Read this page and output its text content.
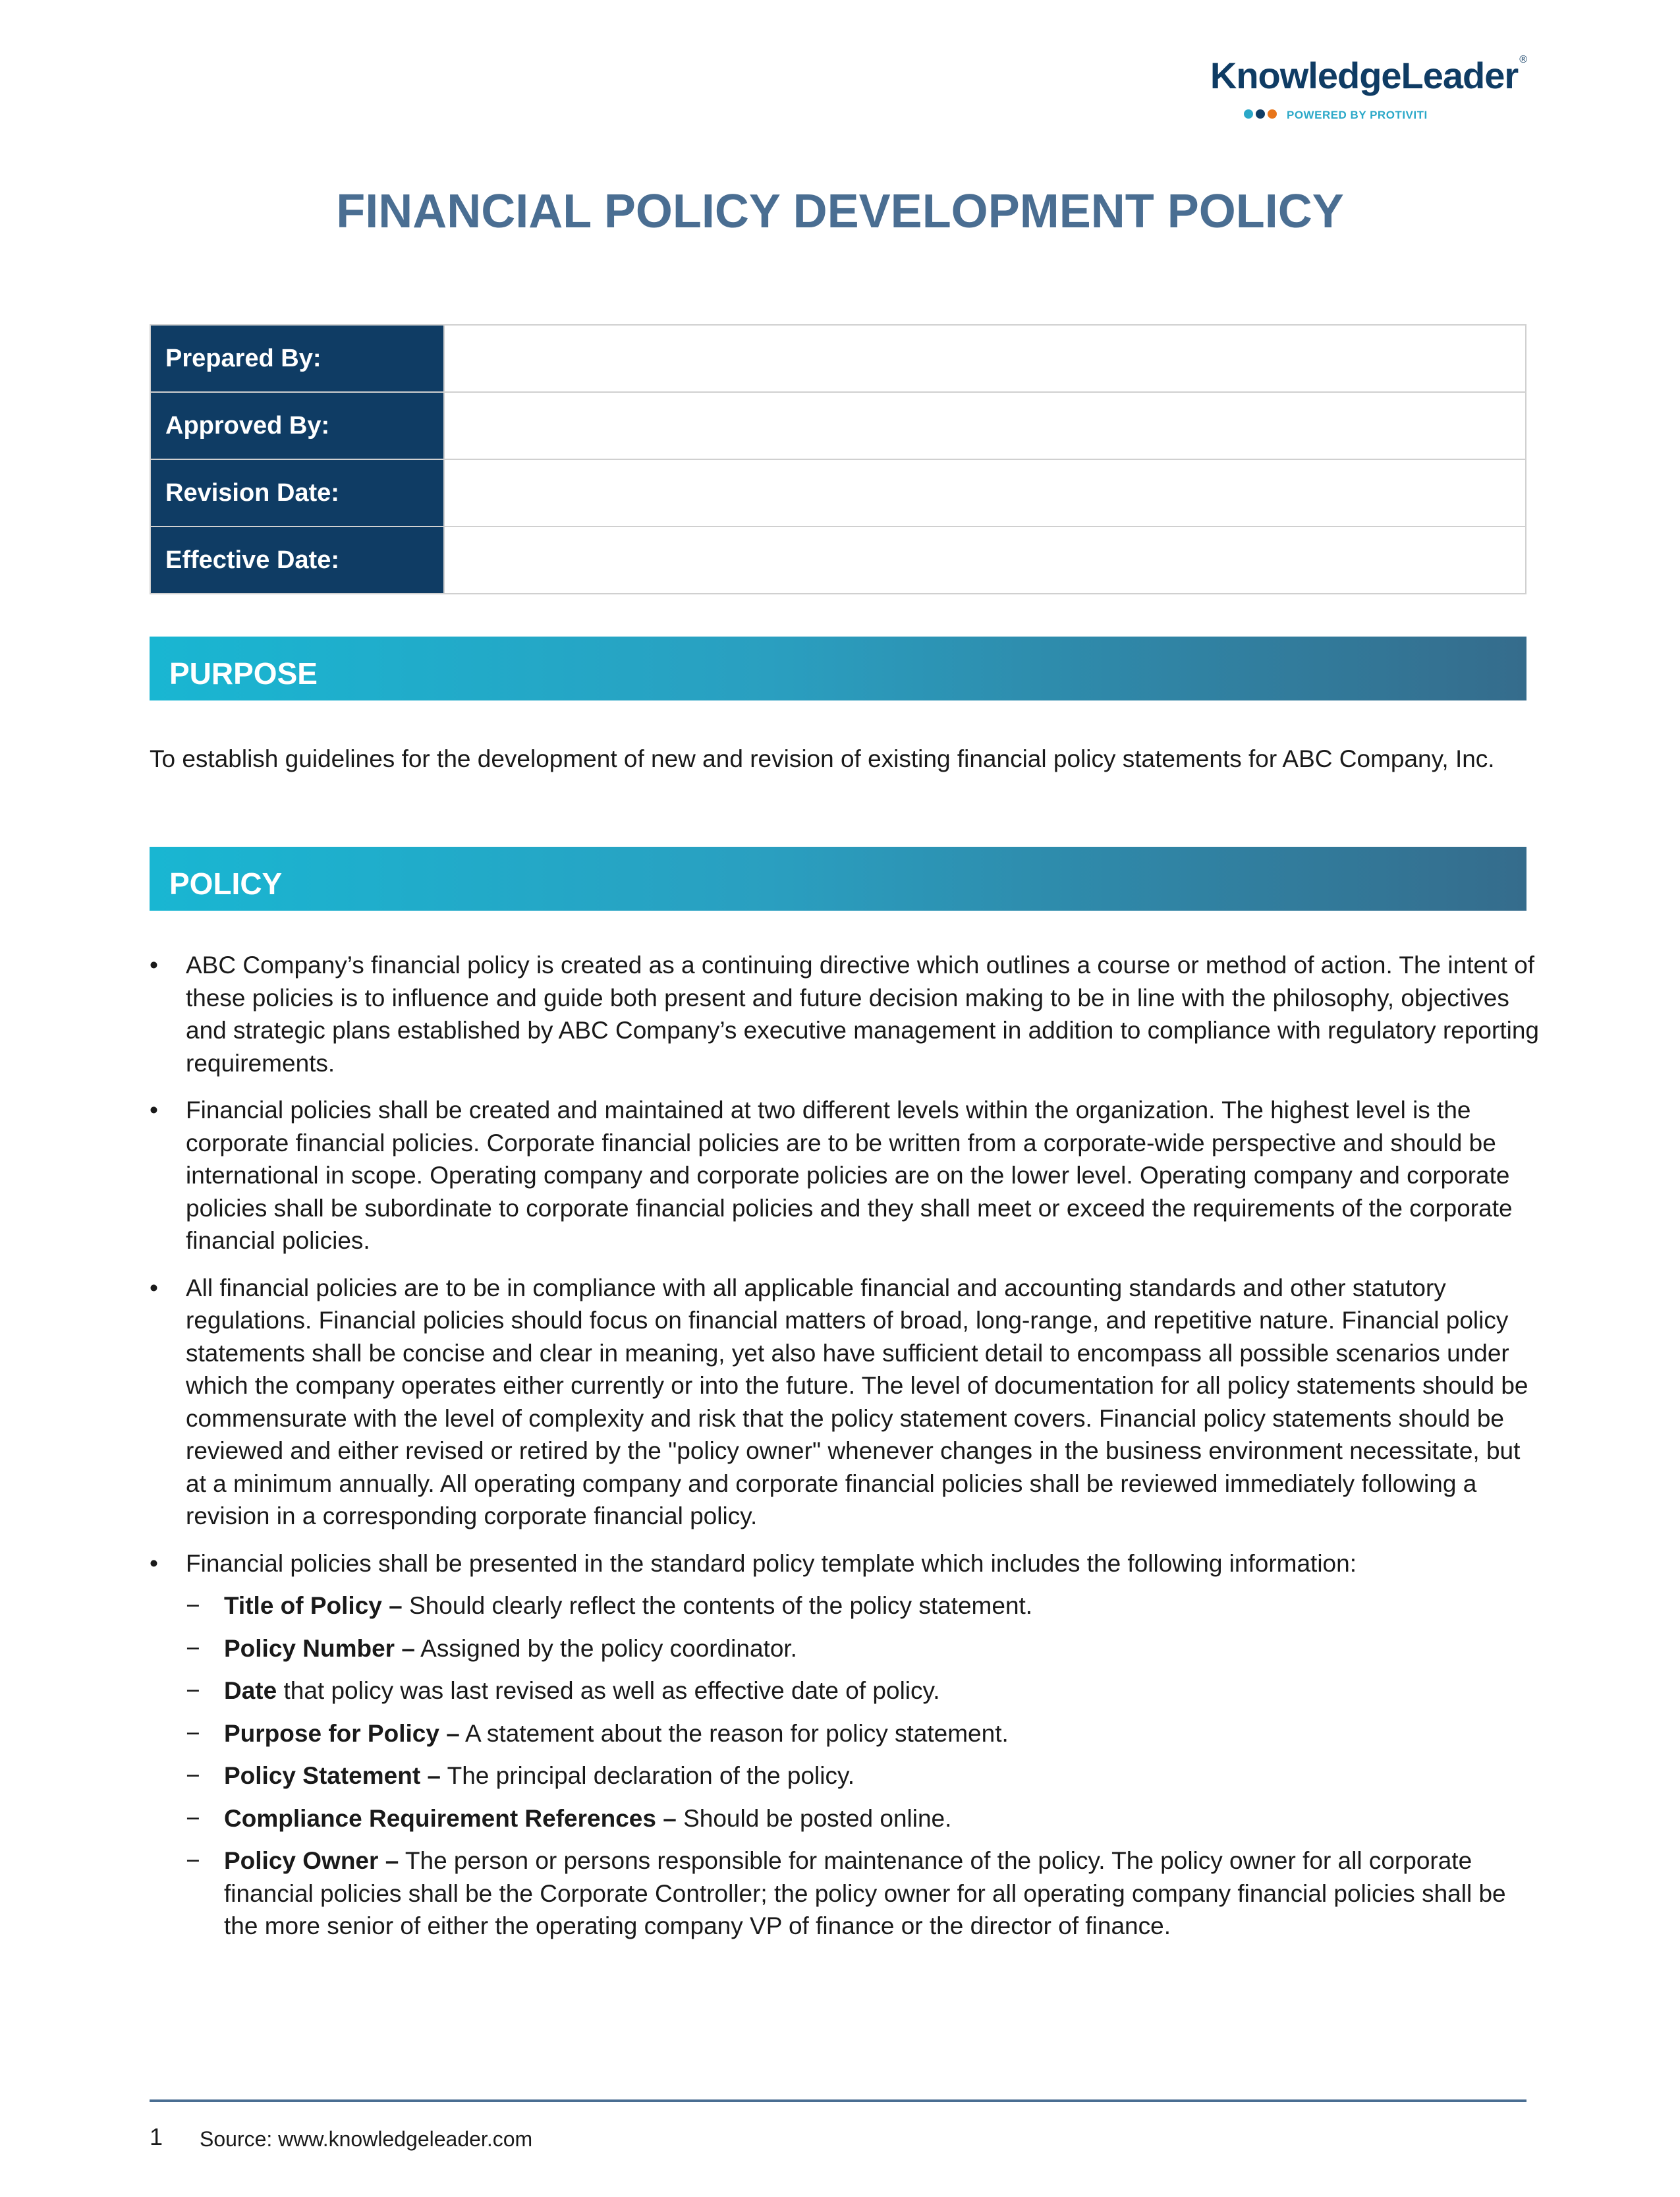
KnowledgeLeader ®
POWERED BY PROTIVITI
FINANCIAL POLICY DEVELOPMENT POLICY
Prepared By:	
Approved By:	
Revision Date:	
Effective Date:	
PURPOSE

To establish guidelines for the development of new and revision of existing financial policy statements for ABC Company, Inc.

POLICY
• ABC Company’s financial policy is created as a continuing directive which outlines a course or method of action. The intent of these policies is to influence and guide both present and future decision making to be in line with the philosophy, objectives and strategic plans established by ABC Company’s executive management in addition to compliance with regulatory reporting requirements.
• Financial policies shall be created and maintained at two different levels within the organization. The highest level is the corporate financial policies. Corporate financial policies are to be written from a corporate-wide perspective and should be international in scope. Operating company and corporate policies are on the lower level. Operating company and corporate policies shall be subordinate to corporate financial policies and they shall meet or exceed the requirements of the corporate financial policies.
• All financial policies are to be in compliance with all applicable financial and accounting standards and other statutory regulations. Financial policies should focus on financial matters of broad, long-range, and repetitive nature. Financial policy statements shall be concise and clear in meaning, yet also have sufficient detail to encompass all possible scenarios under which the company operates either currently or into the future. The level of documentation for all policy statements should be commensurate with the level of complexity and risk that the policy statement covers. Financial policy statements should be reviewed and either revised or retired by the "policy owner" whenever changes in the business environment necessitate, but at a minimum annually. All operating company and corporate financial policies shall be reviewed immediately following a revision in a corresponding corporate financial policy.
• Financial policies shall be presented in the standard policy template which includes the following information:
− Title of Policy – Should clearly reflect the contents of the policy statement.
− Policy Number – Assigned by the policy coordinator.
− Date that policy was last revised as well as effective date of policy.
− Purpose for Policy – A statement about the reason for policy statement.
− Policy Statement – The principal declaration of the policy.
− Compliance Requirement References – Should be posted online.
− Policy Owner – The person or persons responsible for maintenance of the policy. The policy owner for all corporate financial policies shall be the Corporate Controller; the policy owner for all operating company financial policies shall be the more senior of either the operating company VP of finance or the director of finance.
1 Source: www.knowledgeleader.com
